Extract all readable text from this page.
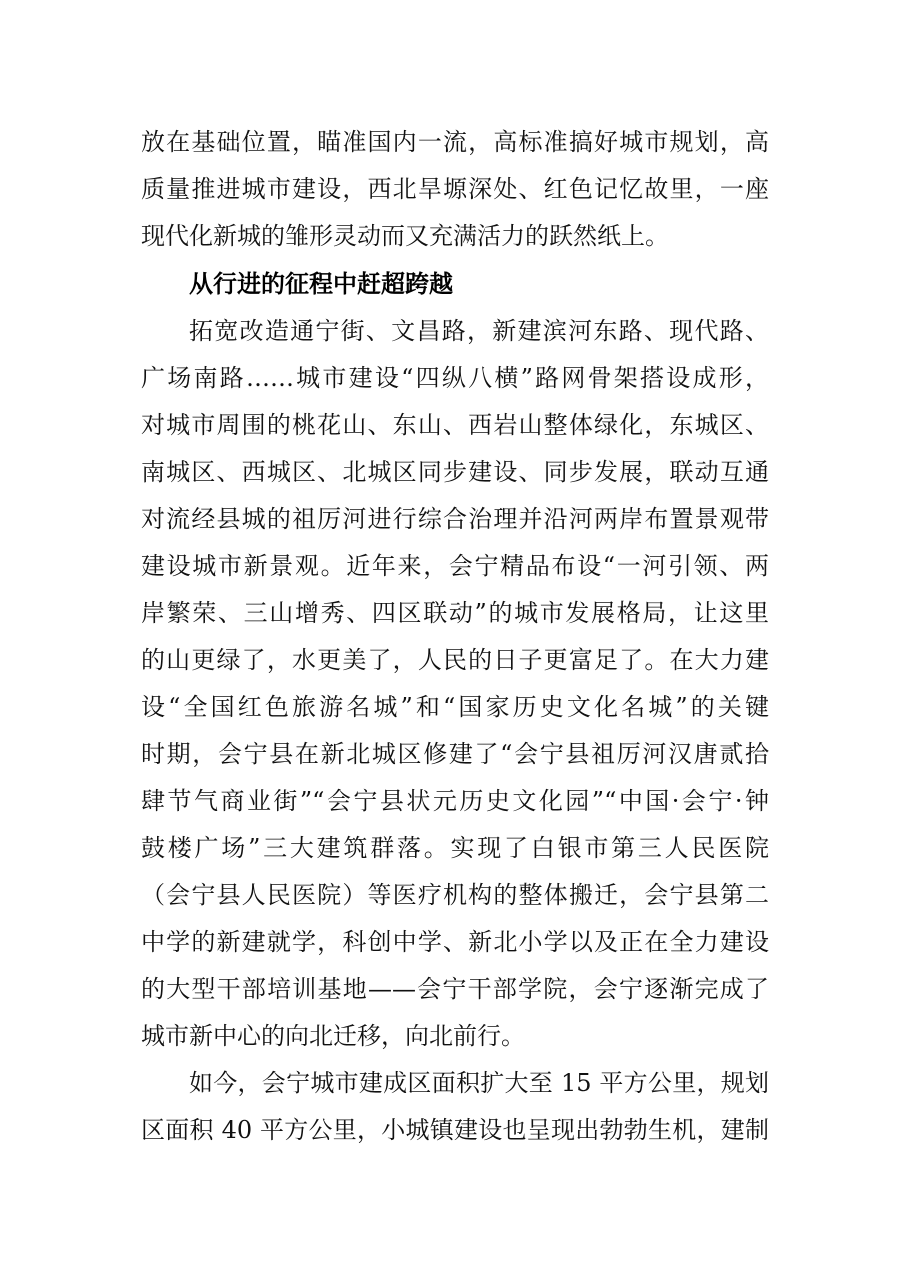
放在基础位置，瞄准国内一流，高标准搞好城市规划，高
质量推进城市建设，西北旱塬深处、红色记忆故里，一座
现代化新城的雏形灵动而又充满活力的跃然纸上。
从行进的征程中赶超跨越
拓宽改造通宁街、文昌路，新建滨河东路、现代路、
广场南路……城市建设“四纵八横”路网骨架搭设成形，
对城市周围的桃花山、东山、西岩山整体绿化，东城区、
南城区、西城区、北城区同步建设、同步发展，联动互通
对流经县城的祖厉河进行综合治理并沿河两岸布置景观带
建设城市新景观。近年来，会宁精品布设“一河引领、两
岸繁荣、三山增秀、四区联动”的城市发展格局，让这里
的山更绿了，水更美了，人民的日子更富足了。在大力建
设“全国红色旅游名城”和“国家历史文化名城”的关键
时期，会宁县在新北城区修建了“会宁县祖厉河汉唐贰拾
肆节气商业街”“会宁县状元历史文化园”“中国·会宁·钟
鼓楼广场”三大建筑群落。实现了白银市第三人民医院
（会宁县人民医院）等医疗机构的整体搬迁，会宁县第二
中学的新建就学，科创中学、新北小学以及正在全力建设
的大型干部培训基地——会宁干部学院，会宁逐渐完成了
城市新中心的向北迁移，向北前行。
如今，会宁城市建成区面积扩大至 15 平方公里，规划
区面积 40 平方公里，小城镇建设也呈现出勃勃生机，建制
